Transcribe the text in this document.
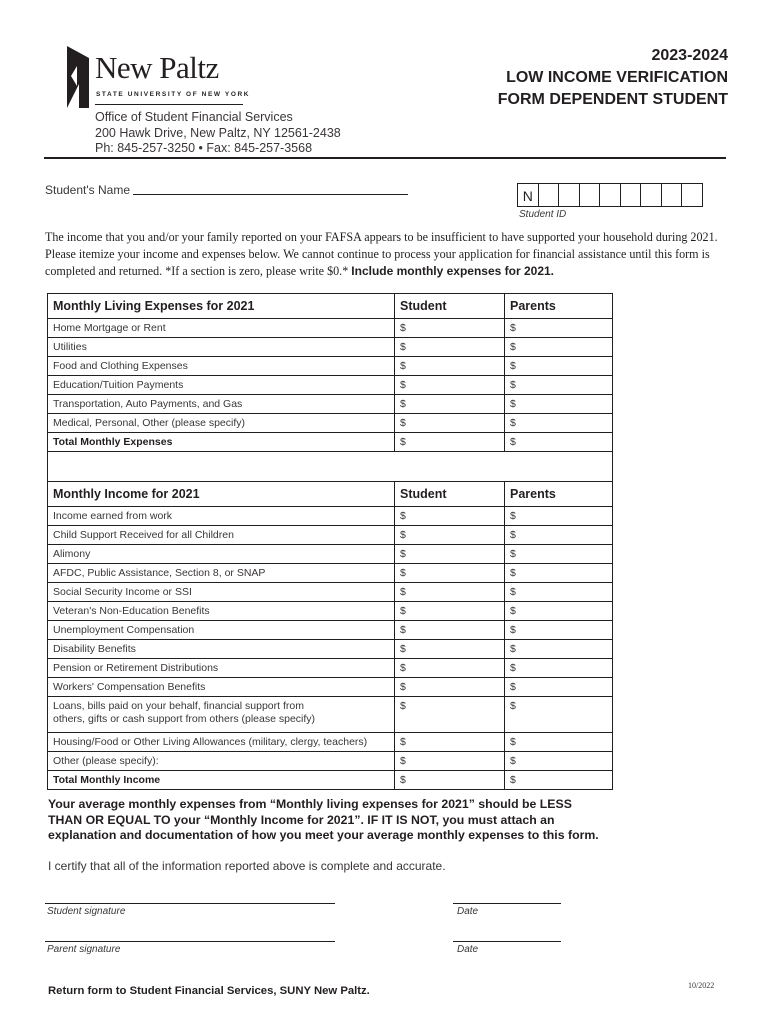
New Paltz
STATE UNIVERSITY OF NEW YORK
Office of Student Financial Services
200 Hawk Drive, New Paltz, NY 12561-2438
Ph: 845-257-3250 • Fax: 845-257-3568
2023-2024
LOW INCOME VERIFICATION
FORM DEPENDENT STUDENT
Student's Name	N
Student ID
The income that you and/or your family reported on your FAFSA appears to be insufficient to have supported your household during 2021. Please itemize your income and expenses below. We cannot continue to process your application for financial assistance until this form is completed and returned. *If a section is zero, please write $0.* Include monthly expenses for 2021.
Monthly Living Expenses for 2021	Student	Parents
Home Mortgage or Rent	$	$
Utilities	$	$
Food and Clothing Expenses	$	$
Education/Tuition Payments	$	$
Transportation, Auto Payments, and Gas	$	$
Medical, Personal, Other (please specify)	$	$
Total Monthly Expenses	$	$
Monthly Income for 2021	Student	Parents
Income earned from work	$	$
Child Support Received for all Children	$	$
Alimony	$	$
AFDC, Public Assistance, Section 8, or SNAP	$	$
Social Security Income or SSI	$	$
Veteran's Non-Education Benefits	$	$
Unemployment Compensation	$	$
Disability Benefits	$	$
Pension or Retirement Distributions	$	$
Workers' Compensation Benefits	$	$

Loans, bills paid on your behalf, financial support from
others, gifts or cash support from others (please specify)	$	$
Housing/Food or Other Living Allowances (military, clergy, teachers)	$	$
Other (please specify):	$	$
Total Monthly Income	$	$
Your average monthly expenses from “Monthly living expenses for 2021” should be LESS
THAN OR EQUAL TO your “Monthly Income for 2021”. IF IT IS NOT, you must attach an
explanation and documentation of how you meet your average monthly expenses to this form.
I certify that all of the information reported above is complete and accurate.
Student signature	Date
Parent signature	Date
Return form to Student Financial Services, SUNY New Paltz.	10/2022
